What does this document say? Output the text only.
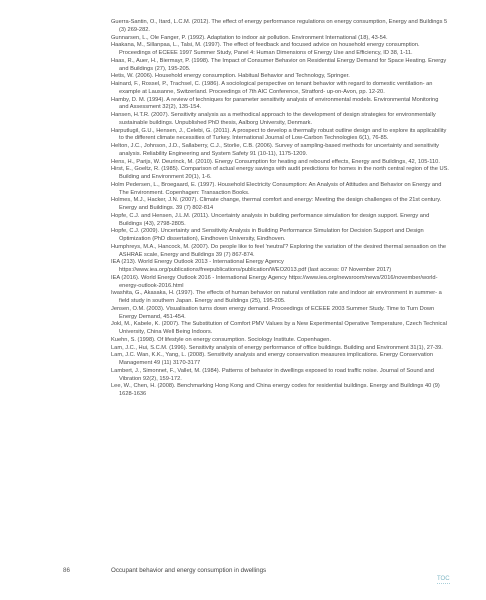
Guerra-Santin, O., Itard, L.C.M. (2012). The effect of energy performance regulations on energy consumption, Energy and Buildings 5 (3) 269-282.

Gunnarsen, L., Ole Fanger, P. (1992). Adaptation to indoor air pollution. Environment International (18), 43-54.

Haakana, M., Sillanpaa, L., Talsi, M. (1997). The effect of feedback and focused advice on household energy consumption. Proceedings of ECEEE 1997 Summer Study, Panel 4: Human Dimensions of Energy Use and Efficiency, ID 38, 1-11.

Haas, R., Auer, H., Biermayr, P. (1998). The Impact of Consumer Behavior on Residential Energy Demand for Space Heating. Energy and Buildings (27), 195-205.

Hetis, W. (2006). Household energy consumption. Habitual Behavior and Technology, Springer.

Hainard, F., Rossel, P., Trachsel, C. (1986). A sociological perspective on tenant behavior with regard to domestic ventilation- an example at Lausanne, Switzerland. Proceedings of 7th AIC Conference, Stratford- up-on-Avon, pp. 12-20.

Hamby, D. M. (1994). A review of techniques for parameter sensitivity analysis of environmental models. Environmental Monitoring and Assessment 32(2), 135-154.

Hansen, H.T.R. (2007). Sensitivity analysis as a methodical approach to the development of design strategies for environmentally sustainable buildings. Unpublished PhD thesis, Aalborg University, Denmark.

Harputlugil, G.U., Hensen, J., Celebi, G. (2011). A prospect to develop a thermally robust outline design and to explore its applicability to the different climate necessities of Turkey. International Journal of Low-Carbon Technologies 6(1), 76-85.

Helton, J.C., Johnson, J.D., Sallaberry, C.J., Storlie, C.B. (2006). Survey of sampling-based methods for uncertainty and sensitivity analysis. Reliability Engineering and System Safety 91 (10-11), 1175-1209.

Hens, H., Parijs, W. Deurinck, M. (2010). Energy Consumption for heating and rebound effects, Energy and Buildings, 42, 105-110.

Hirst, E., Goeltz, R. (1985). Comparison of actual energy savings with audit predictions for homes in the north central region of the US. Building and Environment 20(1), 1-6.

Holm Pedersen, L., Broegaard, E. (1997). Household Electricity Consumption: An Analysis of Attitudes and Behavior on Energy and The Environment. Copenhagen: Transaction Books.

Holmes, M.J., Hacker, J.N. (2007). Climate change, thermal comfort and energy: Meeting the design challenges of the 21st century. Energy and Buildings. 39 (7) 802-814

Hopfe, C.J. and Hensen, J.L.M. (2011). Uncertainty analysis in building performance simulation for design support. Energy and Buildings (43), 2798-2805.

Hopfe, C.J. (2009). Uncertainty and Sensitivity Analysis in Building Performance Simulation for Decision Support and Design Optimization (PhD dissertation), Eindhoven University, Eindhoven.

Humphreys, M.A., Hancock, M. (2007). Do people like to feel 'neutral'? Exploring the variation of the desired thermal sensation on the ASHRAE scale, Energy and Buildings 39 (7) 867-874.

IEA (213). World Energy Outlook 2013 - International Energy Agency https://www.iea.org/publications/freepublications/publication/WEO2013.pdf (last access: 07 November 2017)

IEA (2016). World Energy Outlook 2016 - International Energy Agency https://www.iea.org/newsroom/news/2016/november/world-energy-outlook-2016.html

Iwashita, G., Akasaka, H. (1997). The effects of human behavior on natural ventilation rate and indoor air environment in summer- a field study in southern Japan. Energy and Buildings (25), 195-205.

Jensen, O.M. (2003). Visualisation turns down energy demand. Proceedings of ECEEE 2003 Summer Study. Time to Turn Down Energy Demand, 451-454.

Jokl, M., Kabele, K. (2007). The Substitution of Comfort PMV Values by a New Experimental Operative Temperature, Czech Technical University, China Well Being Indoors.

Kuehn, S. (1998). Of lifestyle on energy consumption. Sociology Institute. Copenhagen.

Lam, J.C., Hui, S.C.M. (1996). Sensitivity analysis of energy performance of office buildings. Building and Environment 31(1), 27-39.

Lam, J.C. Wan, K.K., Yang, L. (2008). Sensitivity analysis and energy conservation measures implications. Energy Conservation Management 49 (11) 3170-3177

Lambert, J., Simonnet, F., Vallet, M. (1984). Patterns of behavior in dwellings exposed to road traffic noise. Journal of Sound and Vibration 92(2), 159-172.

Lee, W., Chen, H. (2008). Benchmarking Hong Kong and China energy codes for residential buildings. Energy and Buildings 40 (9) 1628-1636

86	Occupant behavior and energy consumption in dwellings
TOC
